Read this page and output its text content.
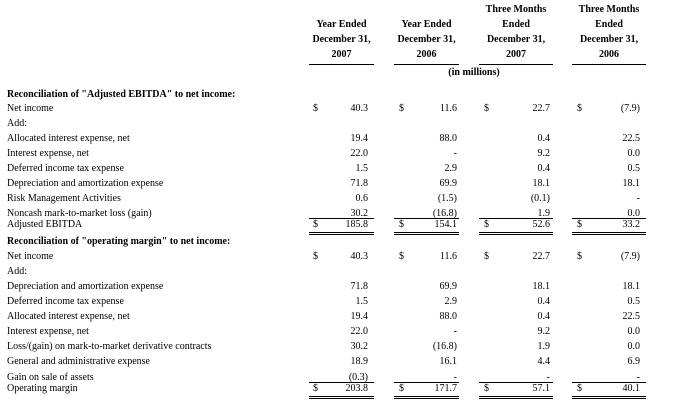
Year Ended
December 31,
2007
Year Ended
December 31,
2006
Three Months
Ended
December 31,
2007
Three Months
Ended
December 31,
2006
(in millions)
Reconciliation of "Adjusted EBITDA" to net income:
Net income	$	40.3	$	11.6	$	22.7	$	(7.9)
Add:
Allocated interest expense, net	19.4	88.0	0.4	22.5
Interest expense, net	22.0	-	9.2	0.0
Deferred income tax expense	1.5	2.9	0.4	0.5
Depreciation and amortization expense	71.8	69.9	18.1	18.1
Risk Management Activities	0.6	(1.5)	(0.1)	-
Noncash mark-to-market loss (gain)	30.2	(16.8)	1.9	0.0
Adjusted EBITDA	$	185.8	$	154.1	$	52.6	$	33.2
Reconciliation of "operating margin" to net income:
Net income	$	40.3	$	11.6	$	22.7	$	(7.9)
Add:
Depreciation and amortization expense	71.8	69.9	18.1	18.1
Deferred income tax expense	1.5	2.9	0.4	0.5
Allocated interest expense, net	19.4	88.0	0.4	22.5
Interest expense, net	22.0	-	9.2	0.0
Loss/(gain) on mark-to-market derivative contracts	30.2	(16.8)	1.9	0.0
General and administrative expense	18.9	16.1	4.4	6.9
Gain on sale of assets	(0.3)	-	-	-
Operating margin	$	203.8	$	171.7	$	57.1	$	40.1
